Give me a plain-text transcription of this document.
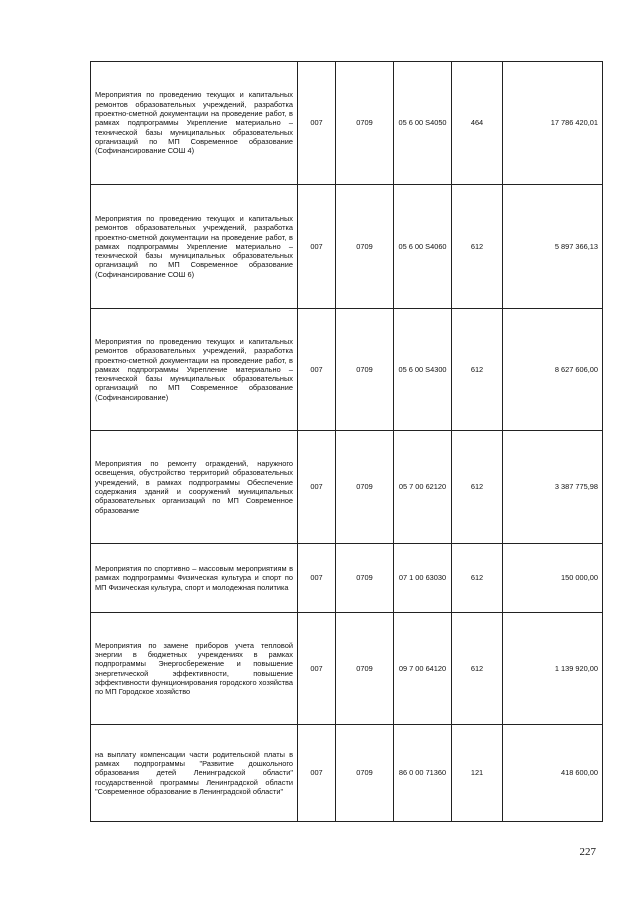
Мероприятия по проведению текущих и капитальных ремонтов образовательных учреждений, разработка проектно-сметной документации на проведение работ, в рамках подпрограммы Укрепление материально – технической базы муниципальных образовательных организаций по МП Современное образование (Софинансирование СОШ 4)	007	0709	05 6 00 S4050	464	17 786 420,01
Мероприятия по проведению текущих и капитальных ремонтов образовательных учреждений, разработка проектно-сметной документации на проведение работ, в рамках подпрограммы Укрепление материально – технической базы муниципальных образовательных организаций по МП Современное образование (Софинансирование СОШ 6)	007	0709	05 6 00 S4060	612	5 897 366,13
Мероприятия по проведению текущих и капитальных ремонтов образовательных учреждений, разработка проектно-сметной документации на проведение работ, в рамках подпрограммы Укрепление материально – технической базы муниципальных образовательных организаций по МП Современное образование (Софинансирование)	007	0709	05 6 00 S4300	612	8 627 606,00
Мероприятия по ремонту ограждений, наружного освещения, обустройство территорий образовательных учреждений, в рамках подпрограммы Обеспечение содержания зданий и сооружений муниципальных образовательных организаций по МП Современное образование	007	0709	05 7 00 62120	612	3 387 775,98
Мероприятия по спортивно – массовым мероприятиям в рамках подпрограммы Физическая культура и спорт по МП Физическая культура, спорт и молодежная политика	007	0709	07 1 00 63030	612	150 000,00
Мероприятия по замене приборов учета тепловой энергии в бюджетных учреждениях в рамках подпрограммы Энергосбережение и повышение энергетической эффективности, повышение эффективности функционирования городского хозяйства по МП Городское хозяйство	007	0709	09 7 00 64120	612	1 139 920,00
на выплату компенсации части родительской платы в рамках подпрограммы "Развитие дошкольного образования детей Ленинградской области" государственной программы Ленинградской области "Современное образование в Ленинградской области"	007	0709	86 0 00 71360	121	418 600,00
227
